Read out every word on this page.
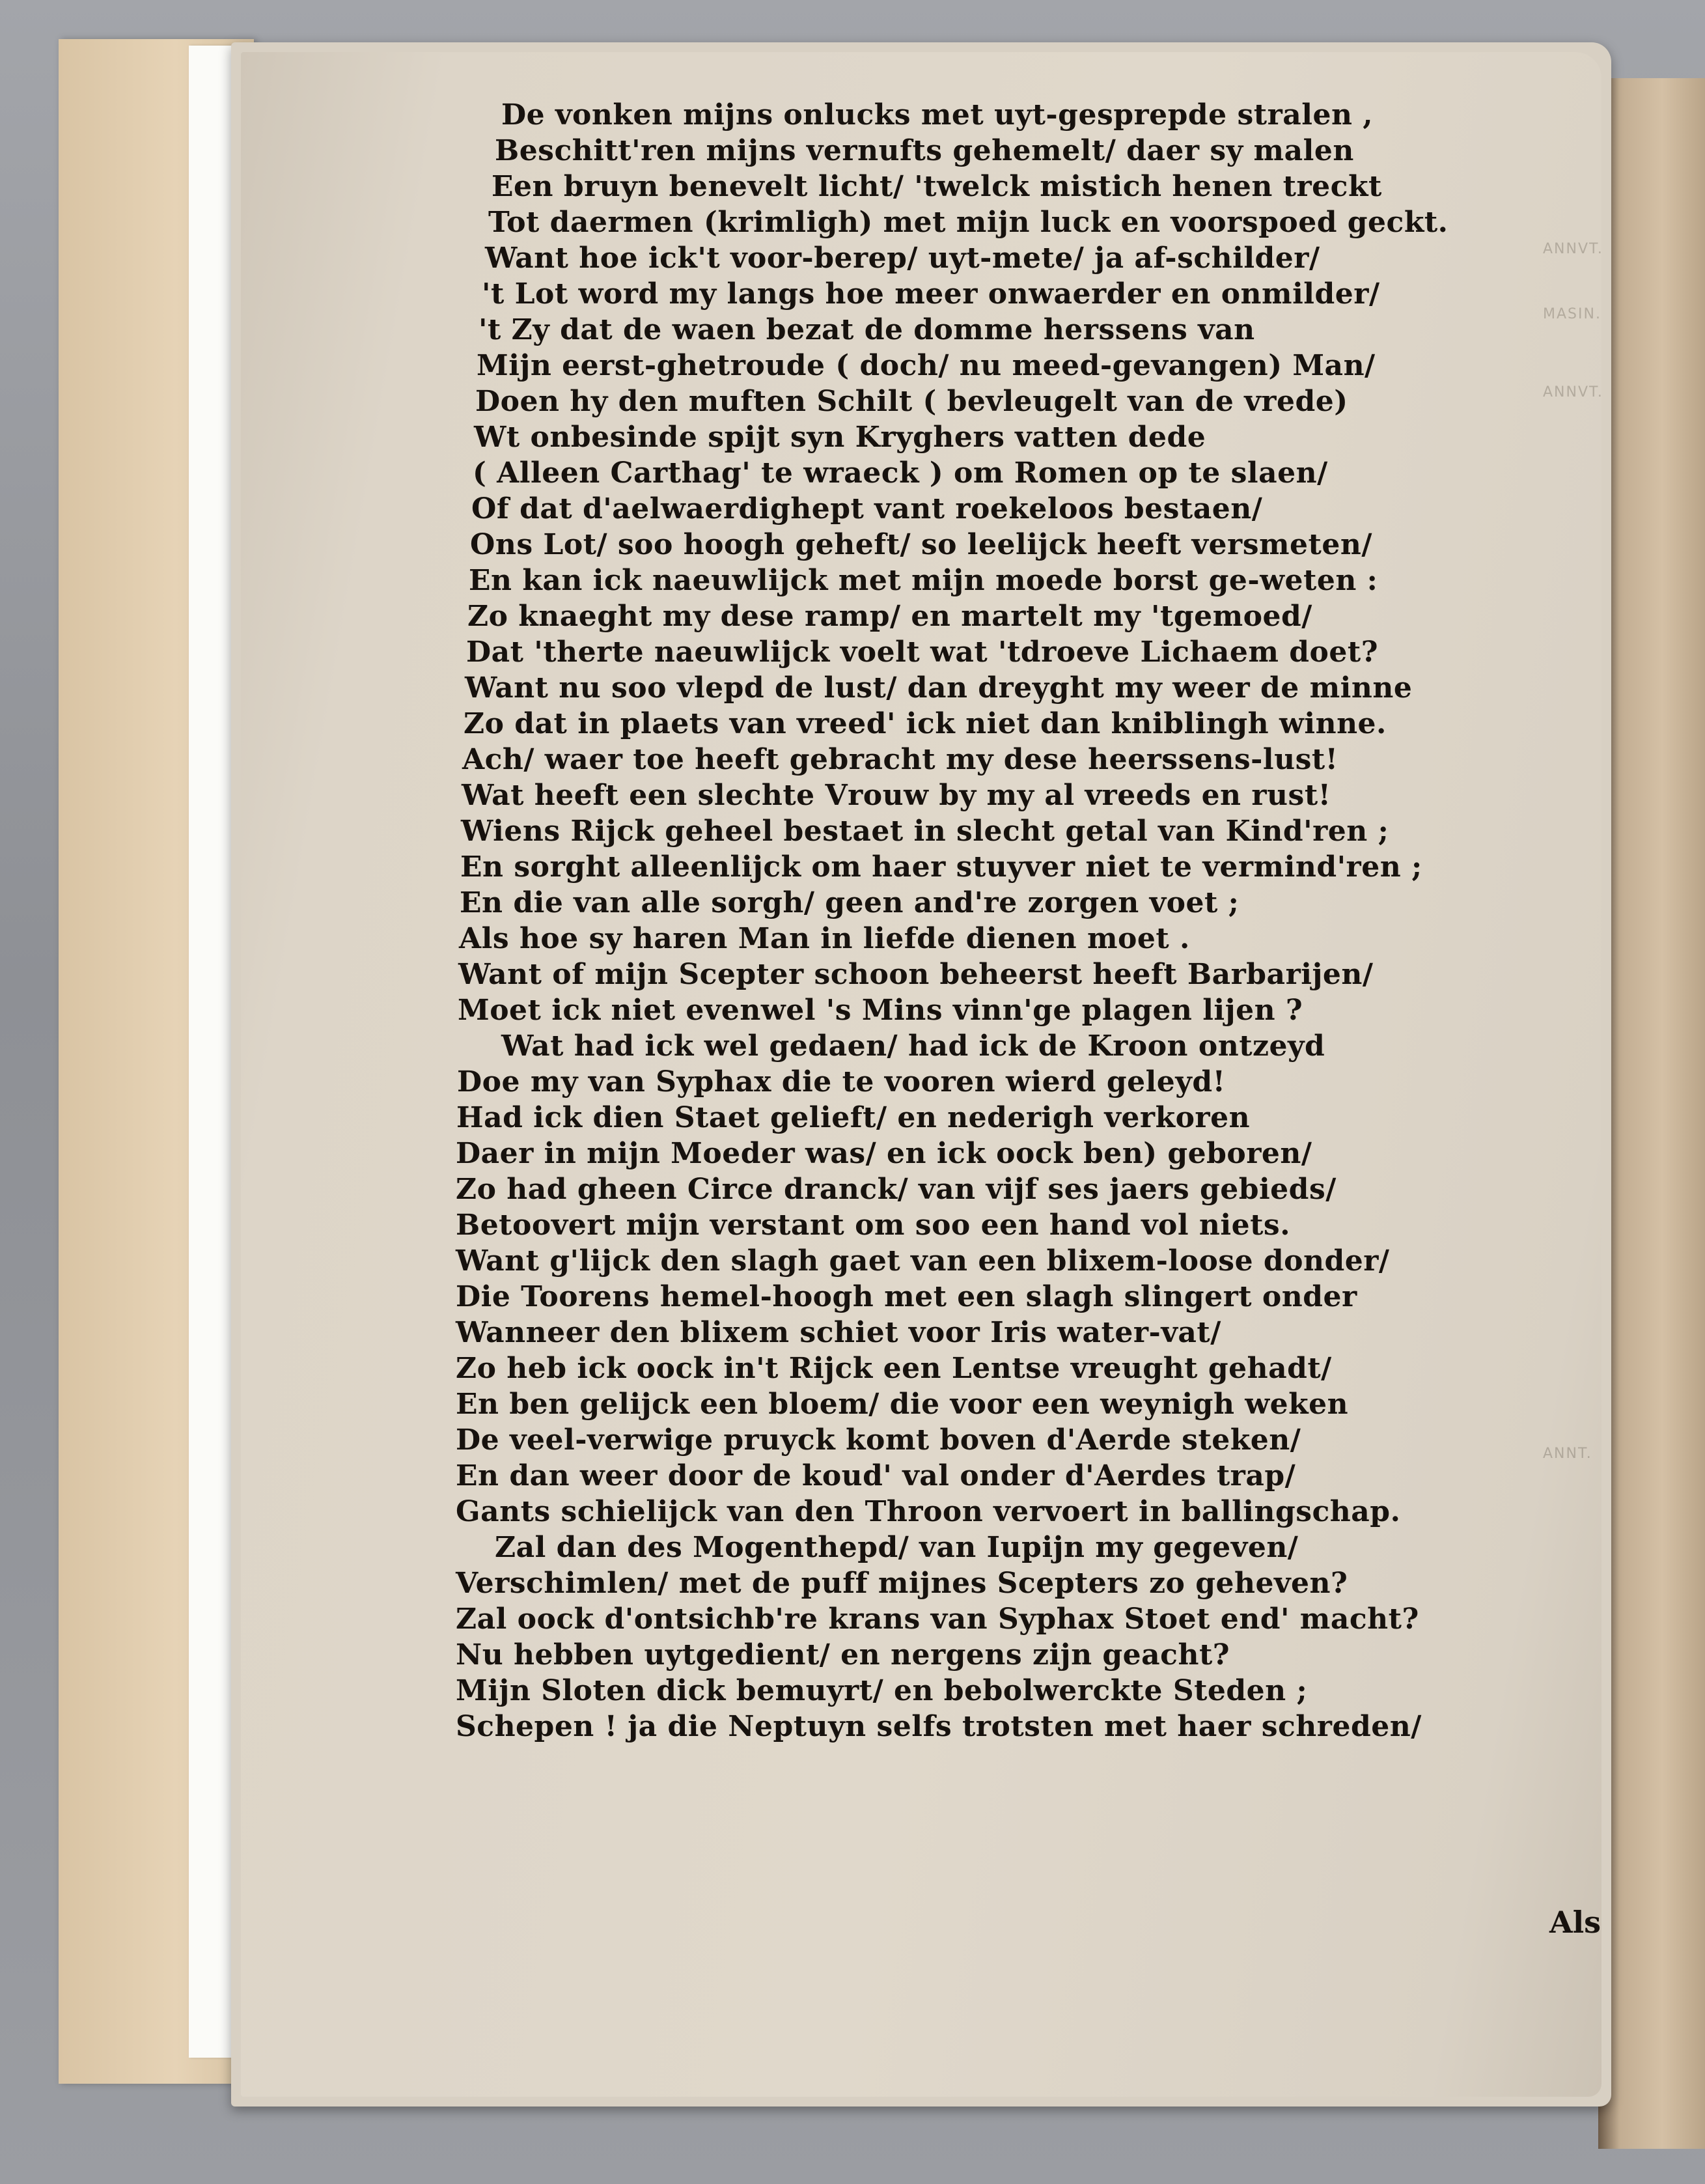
ANNVT.
MASIN.
ANNVT.
ANNT.
De vonken mijns onlucks met uyt-gesprepde stralen ,
Beschitt'ren mijns vernufts gehemelt/ daer sy malen
Een bruyn benevelt licht/ 'twelck mistich henen treckt
Tot daermen (krimligh) met mijn luck en voorspoed geckt.
Want hoe ick't voor-berep/ uyt-mete/ ja af-schilder/
't Lot word my langs hoe meer onwaerder en onmilder/
't Zy dat de waen bezat de domme herssens van
Mijn eerst-ghetroude ( doch/ nu meed-gevangen) Man/
Doen hy den muften Schilt ( bevleugelt van de vrede)
Wt onbesinde spijt syn Kryghers vatten dede
( Alleen Carthag' te wraeck ) om Romen op te slaen/
Of dat d'aelwaerdighept vant roekeloos bestaen/
Ons Lot/ soo hoogh geheft/ so leelijck heeft versmeten/
En kan ick naeuwlijck met mijn moede borst ge-weten :
Zo knaeght my dese ramp/ en martelt my 'tgemoed/
Dat 'therte naeuwlijck voelt wat 'tdroeve Lichaem doet?
Want nu soo vlepd de lust/ dan dreyght my weer de minne
Zo dat in plaets van vreed' ick niet dan kniblingh winne.
Ach/ waer toe heeft gebracht my dese heerssens-lust!
Wat heeft een slechte Vrouw by my al vreeds en rust!
Wiens Rijck geheel bestaet in slecht getal van Kind'ren ;
En sorght alleenlijck om haer stuyver niet te vermind'ren ;
En die van alle sorgh/ geen and're zorgen voet ;
Als hoe sy haren Man in liefde dienen moet .
Want of mijn Scepter schoon beheerst heeft Barbarijen/
Moet ick niet evenwel 's Mins vinn'ge plagen lijen ?
Wat had ick wel gedaen/ had ick de Kroon ontzeyd
Doe my van Syphax die te vooren wierd geleyd!
Had ick dien Staet gelieft/ en nederigh verkoren
Daer in mijn Moeder was/ en ick oock ben) geboren/
Zo had gheen Circe dranck/ van vijf ses jaers gebieds/
Betoovert mijn verstant om soo een hand vol niets.
Want g'lijck den slagh gaet van een blixem-loose donder/
Die Toorens hemel-hoogh met een slagh slingert onder
Wanneer den blixem schiet voor Iris water-vat/
Zo heb ick oock in't Rijck een Lentse vreught gehadt/
En ben gelijck een bloem/ die voor een weynigh weken
De veel-verwige pruyck komt boven d'Aerde steken/
En dan weer door de koud' val onder d'Aerdes trap/
Gants schielijck van den Throon vervoert in ballingschap.
Zal dan des Mogenthepd/ van Iupijn my gegeven/
Verschimlen/ met de puff mijnes Scepters zo geheven?
Zal oock d'ontsichb're krans van Syphax Stoet end' macht?
Nu hebben uytgedient/ en nergens zijn geacht?
Mijn Sloten dick bemuyrt/ en bebolwerckte Steden ;
Schepen ! ja die Neptuyn selfs trotsten met haer schreden/
Als
